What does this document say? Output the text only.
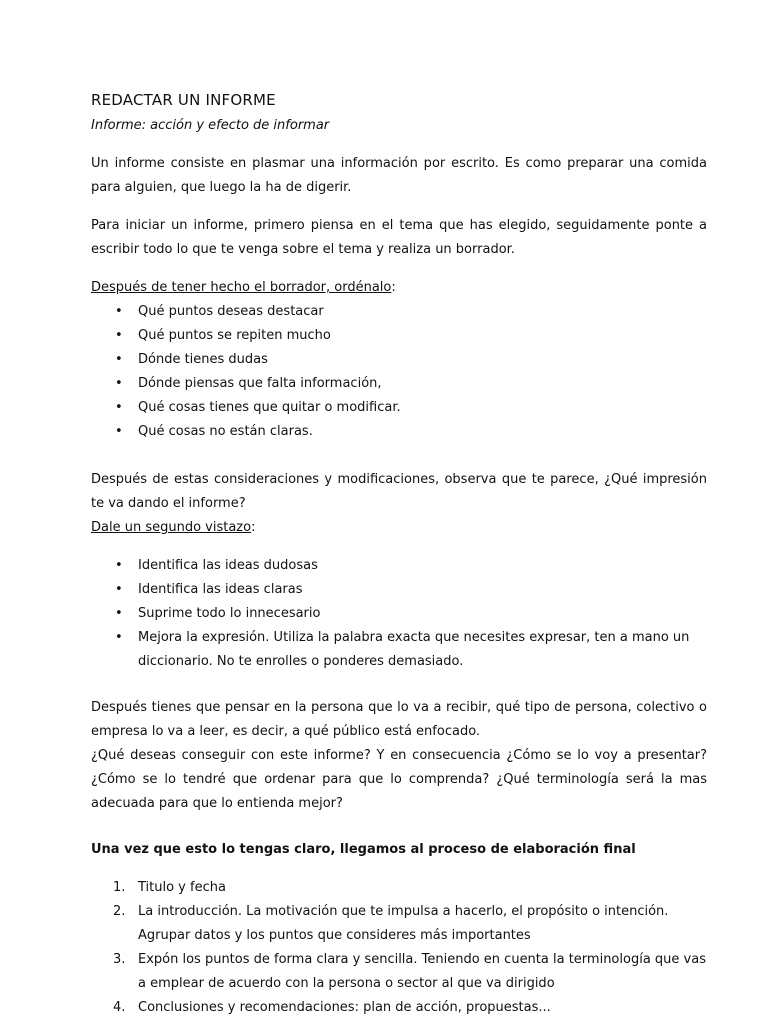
REDACTAR UN INFORME

Informe: acción y efecto de informar

Un informe consiste en plasmar una información por escrito. Es como preparar una comida para alguien, que luego la ha de digerir.

Para iniciar un informe, primero piensa en el tema que has elegido, seguidamente ponte a escribir todo lo que te venga sobre el tema y realiza un borrador.

Después de tener hecho el borrador, ordénalo:

• Qué puntos deseas destacar
• Qué puntos se repiten mucho
• Dónde tienes dudas
• Dónde piensas que falta información,
• Qué cosas tienes que quitar o modificar.
• Qué cosas no están claras.

Después de estas consideraciones y modificaciones, observa que te parece, ¿Qué impresión te va dando el informe?

Dale un segundo vistazo:

• Identifica las ideas dudosas
• Identifica las ideas claras
• Suprime todo lo innecesario
• Mejora la expresión. Utiliza la palabra exacta que necesites expresar, ten a mano un diccionario. No te enrolles o ponderes demasiado.

Después tienes que pensar en la persona que lo va a recibir, qué tipo de persona, colectivo o empresa lo va a leer, es decir, a qué público está enfocado.

¿Qué deseas conseguir con este informe? Y en consecuencia ¿Cómo se lo voy a presentar? ¿Cómo se lo tendré que ordenar para que lo comprenda? ¿Qué terminología será la mas adecuada para que lo entienda mejor?

Una vez que esto lo tengas claro, llegamos al proceso de elaboración final

1. Titulo y fecha
2. La introducción. La motivación que te impulsa a hacerlo, el propósito o intención. Agrupar datos y los puntos que consideres más importantes
3. Expón los puntos de forma clara y sencilla. Teniendo en cuenta la terminología que vas a emplear de acuerdo con la persona o sector al que va dirigido
4. Conclusiones y recomendaciones: plan de acción, propuestas...
